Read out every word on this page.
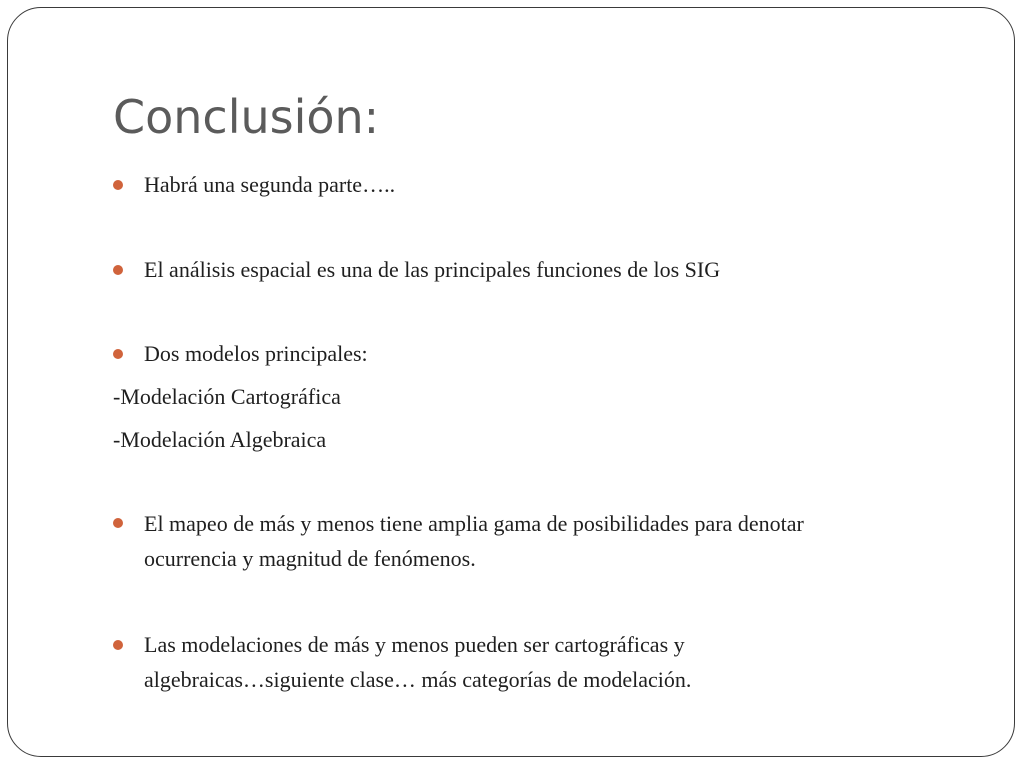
Conclusión:
Habrá una segunda parte…..
El análisis espacial es una de las principales funciones de los SIG
Dos modelos principales:
-Modelación Cartográfica
-Modelación Algebraica
El mapeo de más y menos tiene amplia gama de posibilidades para denotar
ocurrencia y magnitud de fenómenos.
Las modelaciones de más y menos pueden ser cartográficas y
algebraicas…siguiente clase… más categorías de modelación.
